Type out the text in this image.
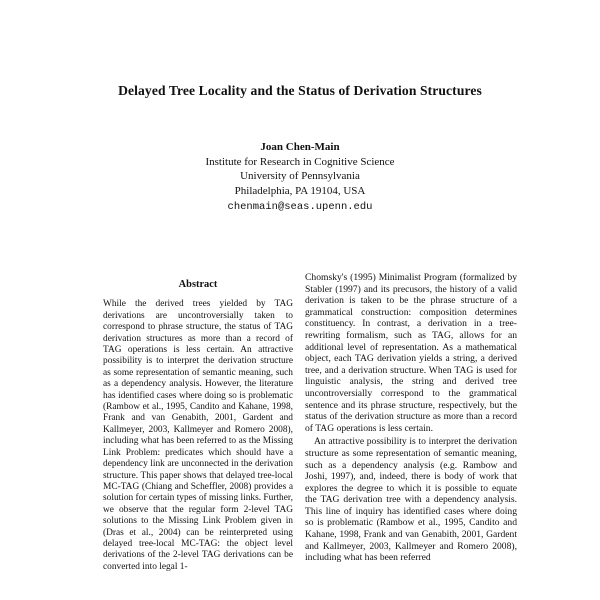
Delayed Tree Locality and the Status of Derivation Structures
Joan Chen-Main
Institute for Research in Cognitive Science
University of Pennsylvania
Philadelphia, PA 19104, USA
chenmain@seas.upenn.edu
Abstract

While the derived trees yielded by TAG derivations are uncontroversially taken to correspond to phrase structure, the status of TAG derivation structures as more than a record of TAG operations is less certain. An attractive possibility is to interpret the derivation structure as some representation of semantic meaning, such as a dependency analysis. However, the literature has identified cases where doing so is problematic (Rambow et al., 1995, Candito and Kahane, 1998, Frank and van Genabith, 2001, Gardent and Kallmeyer, 2003, Kallmeyer and Romero 2008), including what has been referred to as the Missing Link Problem: predicates which should have a dependency link are unconnected in the derivation structure. This paper shows that delayed tree-local MC-TAG (Chiang and Scheffler, 2008) provides a solution for certain types of missing links. Further, we observe that the regular form 2-level TAG solutions to the Missing Link Problem given in (Dras et al., 2004) can be reinterpreted using delayed tree-local MC-TAG: the object level derivations of the 2-level TAG derivations can be converted into legal 1-

Chomsky's (1995) Minimalist Program (formalized by Stabler (1997) and its precusors, the history of a valid derivation is taken to be the phrase structure of a grammatical construction: composition determines constituency. In contrast, a derivation in a tree-rewriting formalism, such as TAG, allows for an additional level of representation. As a mathematical object, each TAG derivation yields a string, a derived tree, and a derivation structure. When TAG is used for linguistic analysis, the string and derived tree uncontroversially correspond to the grammatical sentence and its phrase structure, respectively, but the status of the derivation structure as more than a record of TAG operations is less certain.

An attractive possibility is to interpret the derivation structure as some representation of semantic meaning, such as a dependency analysis (e.g. Rambow and Joshi, 1997), and, indeed, there is body of work that explores the degree to which it is possible to equate the TAG derivation tree with a dependency analysis. This line of inquiry has identified cases where doing so is problematic (Rambow et al., 1995, Candito and Kahane, 1998, Frank and van Genabith, 2001, Gardent and Kallmeyer, 2003, Kallmeyer and Romero 2008), including what has been referred
